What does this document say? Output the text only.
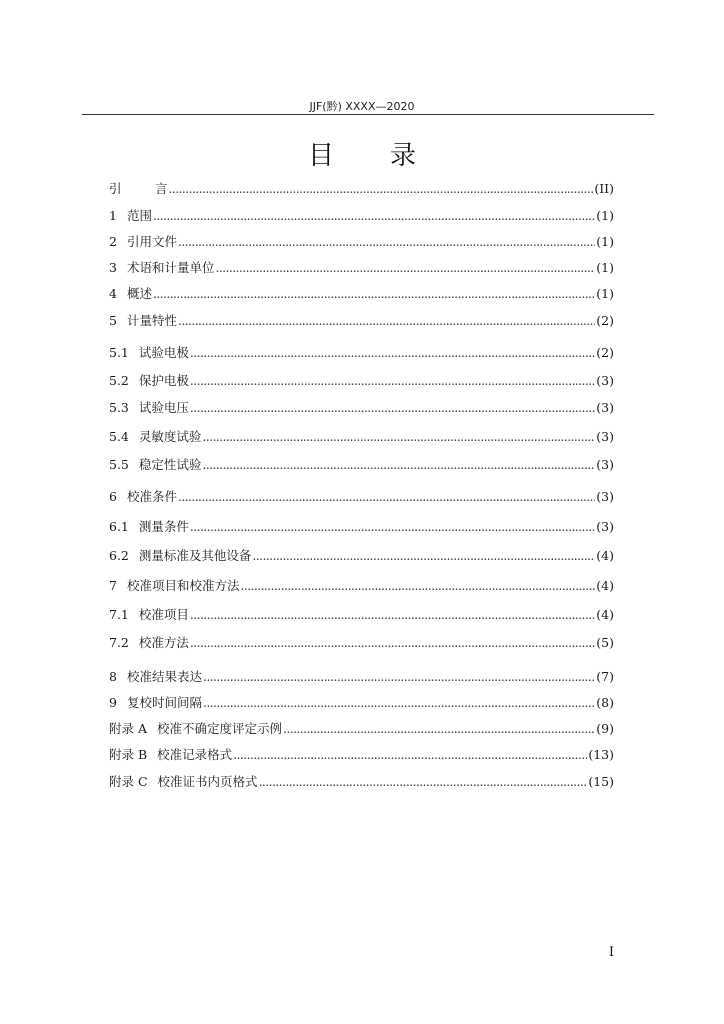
JJF(黔) XXXX—2020
目 录
引	言 . . .	(II)
1 范围 . . .	(1)
2 引用文件 . . .	(1)
3 术语和计量单位 . . .	(1)
4 概述 . . .	(1)
5 计量特性 . . .	(2)
5.1 试验电极 . . .	(2)
5.2 保护电极 . . .	(3)
5.3 试验电压 . . .	(3)
5.4 灵敏度试验 . . .	(3)
5.5 稳定性试验 . . .	(3)
6 校准条件 . . .	(3)
6.1 测量条件 . . .	(3)
6.2 测量标准及其他设备 . . .	(4)
7 校准项目和校准方法 . . .	(4)
7.1 校准项目 . . .	(4)
7.2 校准方法 . . .	(5)
8 校准结果表达 . . .	(7)
9 复校时间间隔 . . .	(8)
附录 A 校准不确定度评定示例 . . .	(9)
附录 B 校准记录格式 . . .	(13)
附录 C 校准证书内页格式 . . .	(15)
I
